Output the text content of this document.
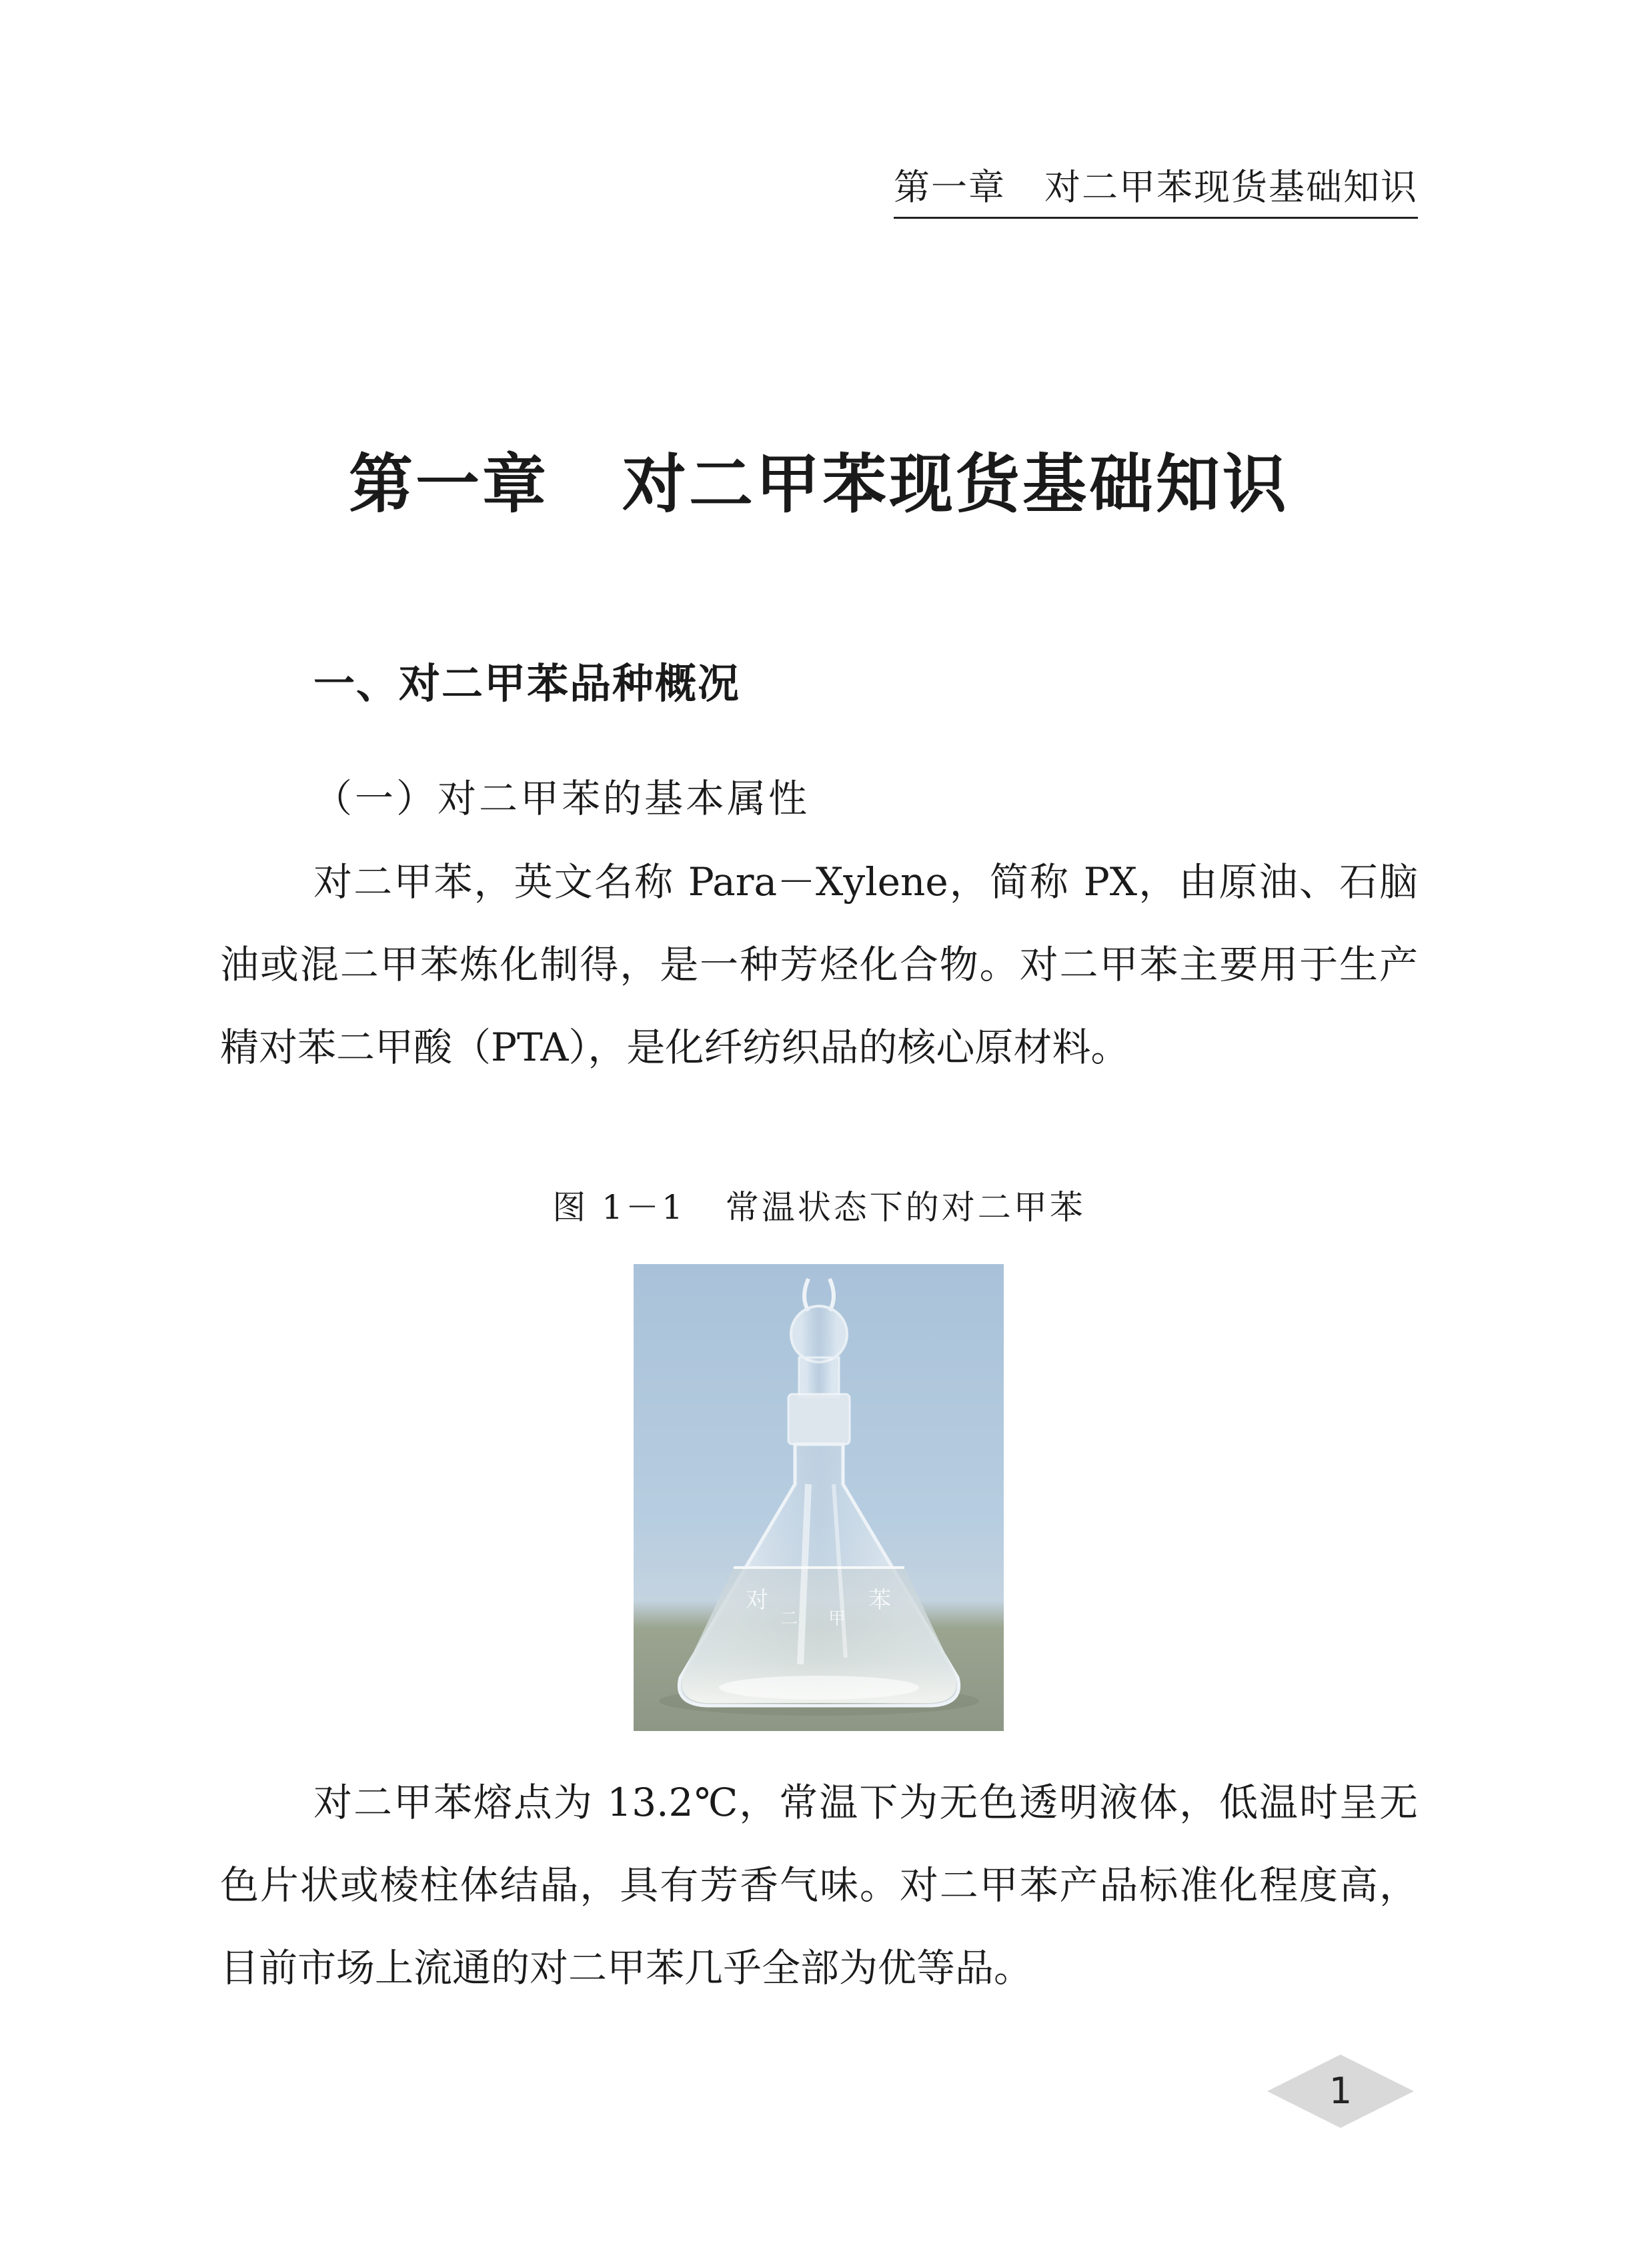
第一章 对二甲苯现货基础知识
第一章 对二甲苯现货基础知识
一、对二甲苯品种概况
（一）对二甲苯的基本属性

对二甲苯，英文名称 Para－Xylene，简称 PX，由原油、石脑油或混二甲苯炼化制得，是一种芳烃化合物。对二甲苯主要用于生产精对苯二甲酸（PTA），是化纤纺织品的核心原材料。

图 1－1 常温状态下的对二甲苯
对
二 甲
苯

对二甲苯熔点为 13.2℃，常温下为无色透明液体，低温时呈无色片状或棱柱体结晶，具有芳香气味。对二甲苯产品标准化程度高，目前市场上流通的对二甲苯几乎全部为优等品。

1
